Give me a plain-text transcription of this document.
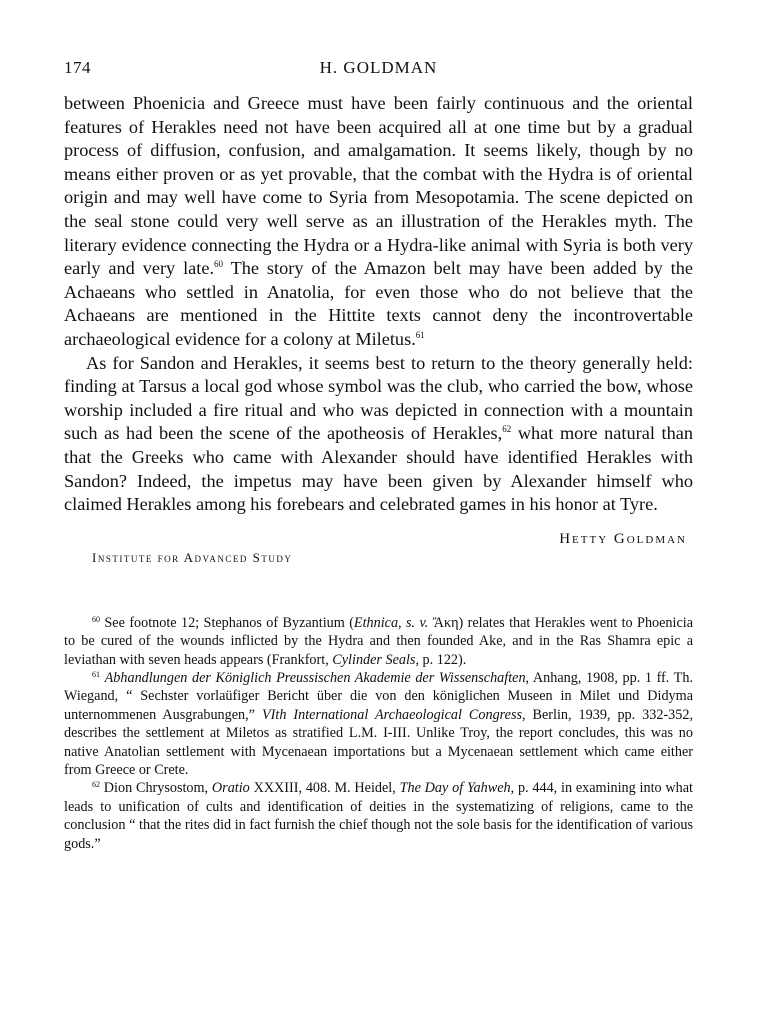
174	H. GOLDMAN

between Phoenicia and Greece must have been fairly continuous and the oriental features of Herakles need not have been acquired all at one time but by a gradual process of diffusion, confusion, and amalgamation. It seems likely, though by no means either proven or as yet provable, that the combat with the Hydra is of oriental origin and may well have come to Syria from Mesopotamia. The scene depicted on the seal stone could very well serve as an illustration of the Herakles myth. The literary evidence connecting the Hydra or a Hydra-like animal with Syria is both very early and very late.$^{60}$ The story of the Amazon belt may have been added by the Achaeans who settled in Anatolia, for even those who do not believe that the Achaeans are mentioned in the Hittite texts cannot deny the incontrovertable archaeological evidence for a colony at Miletus.$^{61}$

As for Sandon and Herakles, it seems best to return to the theory generally held: finding at Tarsus a local god whose symbol was the club, who carried the bow, whose worship included a fire ritual and who was depicted in connection with a mountain such as had been the scene of the apotheosis of Herakles,$^{62}$ what more natural than that the Greeks who came with Alexander should have identified Herakles with Sandon? Indeed, the impetus may have been given by Alexander himself who claimed Herakles among his forebears and celebrated games in his honor at Tyre.

Hetty Goldman
Institute for Advanced Study

$^{60}$ See footnote 12; Stephanos of Byzantium (Ethnica, s. v. Ἄκη) relates that Herakles went to Phoenicia to be cured of the wounds inflicted by the Hydra and then founded Ake, and in the Ras Shamra epic a leviathan with seven heads appears (Frankfort, Cylinder Seals, p. 122).

$^{61}$ Abhandlungen der Königlich Preussischen Akademie der Wissenschaften, Anhang, 1908, pp. 1 ff. Th. Wiegand, “ Sechster vorlaüfiger Bericht über die von den königlichen Museen in Milet und Didyma unternommenen Ausgrabungen,” VIth International Archaeological Congress, Berlin, 1939, pp. 332-352, describes the settlement at Miletos as stratified L.M. I-III. Unlike Troy, the report concludes, this was no native Anatolian settlement with Mycenaean importations but a Mycenaean settlement which came either from Greece or Crete.

$^{62}$ Dion Chrysostom, Oratio XXXIII, 408. M. Heidel, The Day of Yahweh, p. 444, in examining into what leads to unification of cults and identification of deities in the systematizing of religions, came to the conclusion “ that the rites did in fact furnish the chief though not the sole basis for the identification of various gods.”
